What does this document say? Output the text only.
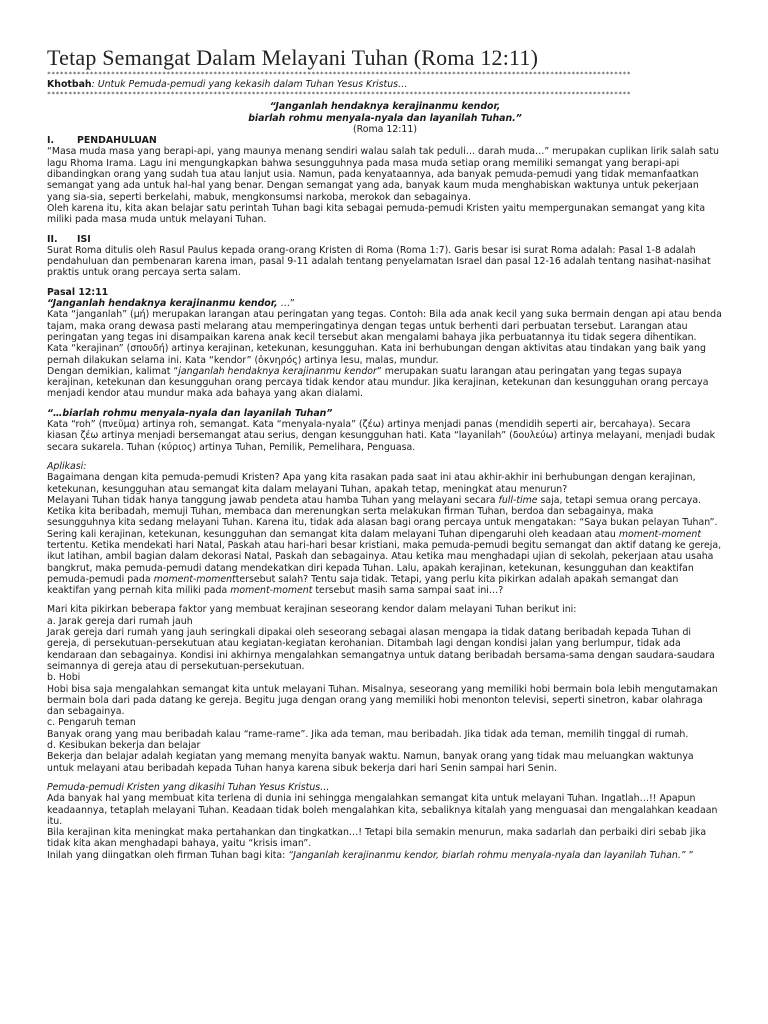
Tetap Semangat Dalam Melayani Tuhan (Roma 12:11)
*****************************************************************************************************************************************

Khotbah: Untuk Pemuda-pemudi yang kekasih dalam Tuhan Yesus Kristus…

*****************************************************************************************************************************************
“Janganlah hendaknya kerajinanmu kendor,
biarlah rohmu menyala-nyala dan layanilah Tuhan.”
(Roma 12:11)
I. PENDAHULUAN

“Masa muda masa yang berapi-api, yang maunya menang sendiri walau salah tak peduli… darah muda…” merupakan cuplikan lirik salah satu lagu Rhoma Irama. Lagu ini mengungkapkan bahwa sesungguhnya pada masa muda setiap orang memiliki semangat yang berapi-api dibandingkan orang yang sudah tua atau lanjut usia. Namun, pada kenyataannya, ada banyak pemuda-pemudi yang tidak memanfaatkan semangat yang ada untuk hal-hal yang benar. Dengan semangat yang ada, banyak kaum muda menghabiskan waktunya untuk pekerjaan yang sia-sia, seperti berkelahi, mabuk, mengkonsumsi narkoba, merokok dan sebagainya.

Oleh karena itu, kita akan belajar satu perintah Tuhan bagi kita sebagai pemuda-pemudi Kristen yaitu mempergunakan semangat yang kita miliki pada masa muda untuk melayani Tuhan.

II. ISI

Surat Roma ditulis oleh Rasul Paulus kepada orang-orang Kristen di Roma (Roma 1:7). Garis besar isi surat Roma adalah: Pasal 1-8 adalah pendahuluan dan pembenaran karena iman, pasal 9-11 adalah tentang penyelamatan Israel dan pasal 12-16 adalah tentang nasihat-nasihat praktis untuk orang percaya serta salam.

Pasal 12:11
“Janganlah hendaknya kerajinanmu kendor, …”

Kata “janganlah” (μή) merupakan larangan atau peringatan yang tegas. Contoh: Bila ada anak kecil yang suka bermain dengan api atau benda tajam, maka orang dewasa pasti melarang atau memperingatinya dengan tegas untuk berhenti dari perbuatan tersebut. Larangan atau peringatan yang tegas ini disampaikan karena anak kecil tersebut akan mengalami bahaya jika perbuatannya itu tidak segera dihentikan.

Kata “kerajinan” (σπουδή) artinya kerajinan, ketekunan, kesungguhan. Kata ini berhubungan dengan aktivitas atau tindakan yang baik yang pernah dilakukan selama ini. Kata “kendor” (ὀκνηρός) artinya lesu, malas, mundur.

Dengan demikian, kalimat “janganlah hendaknya kerajinanmu kendor” merupakan suatu larangan atau peringatan yang tegas supaya kerajinan, ketekunan dan kesungguhan orang percaya tidak kendor atau mundur. Jika kerajinan, ketekunan dan kesungguhan orang percaya menjadi kendor atau mundur maka ada bahaya yang akan dialami.

“…biarlah rohmu menyala-nyala dan layanilah Tuhan”

Kata “roh” (πνεῦμα) artinya roh, semangat. Kata “menyala-nyala” (ζέω) artinya menjadi panas (mendidih seperti air, bercahaya). Secara kiasan ζέω artinya menjadi bersemangat atau serius, dengan kesungguhan hati. Kata “layanilah” (δουλεύω) artinya melayani, menjadi budak secara sukarela. Tuhan (κύριος) artinya Tuhan, Pemilik, Pemelihara, Penguasa.

Aplikasi:

Bagaimana dengan kita pemuda-pemudi Kristen? Apa yang kita rasakan pada saat ini atau akhir-akhir ini berhubungan dengan kerajinan, ketekunan, kesungguhan atau semangat kita dalam melayani Tuhan, apakah tetap, meningkat atau menurun?

Melayani Tuhan tidak hanya tanggung jawab pendeta atau hamba Tuhan yang melayani secara full-time saja, tetapi semua orang percaya. Ketika kita beribadah, memuji Tuhan, membaca dan merenungkan serta melakukan firman Tuhan, berdoa dan sebagainya, maka sesungguhnya kita sedang melayani Tuhan. Karena itu, tidak ada alasan bagi orang percaya untuk mengatakan: “Saya bukan pelayan Tuhan”.

Sering kali kerajinan, ketekunan, kesungguhan dan semangat kita dalam melayani Tuhan dipengaruhi oleh keadaan atau moment-moment tertentu. Ketika mendekati hari Natal, Paskah atau hari-hari besar kristiani, maka pemuda-pemudi begitu semangat dan aktif datang ke gereja, ikut latihan, ambil bagian dalam dekorasi Natal, Paskah dan sebagainya. Atau ketika mau menghadapi ujian di sekolah, pekerjaan atau usaha bangkrut, maka pemuda-pemudi datang mendekatkan diri kepada Tuhan. Lalu, apakah kerajinan, ketekunan, kesungguhan dan keaktifan pemuda-pemudi pada moment-momenttersebut salah? Tentu saja tidak. Tetapi, yang perlu kita pikirkan adalah apakah semangat dan keaktifan yang pernah kita miliki pada moment-moment tersebut masih sama sampai saat ini…?

Mari kita pikirkan beberapa faktor yang membuat kerajinan seseorang kendor dalam melayani Tuhan berikut ini:

a. Jarak gereja dari rumah jauh

Jarak gereja dari rumah yang jauh seringkali dipakai oleh seseorang sebagai alasan mengapa ia tidak datang beribadah kepada Tuhan di gereja, di persekutuan-persekutuan atau kegiatan-kegiatan kerohanian. Ditambah lagi dengan kondisi jalan yang berlumpur, tidak ada kendaraan dan sebagainya. Kondisi ini akhirnya mengalahkan semangatnya untuk datang beribadah bersama-sama dengan saudara-saudara seimannya di gereja atau di persekutuan-persekutuan.

b. Hobi

Hobi bisa saja mengalahkan semangat kita untuk melayani Tuhan. Misalnya, seseorang yang memiliki hobi bermain bola lebih mengutamakan bermain bola dari pada datang ke gereja. Begitu juga dengan orang yang memiliki hobi menonton televisi, seperti sinetron, kabar olahraga dan sebagainya.

c. Pengaruh teman

Banyak orang yang mau beribadah kalau “rame-rame”. Jika ada teman, mau beribadah. Jika tidak ada teman, memilih tinggal di rumah.

d. Kesibukan bekerja dan belajar

Bekerja dan belajar adalah kegiatan yang memang menyita banyak waktu. Namun, banyak orang yang tidak mau meluangkan waktunya untuk melayani atau beribadah kepada Tuhan hanya karena sibuk bekerja dari hari Senin sampai hari Senin.

Pemuda-pemudi Kristen yang dikasihi Tuhan Yesus Kristus…

Ada banyak hal yang membuat kita terlena di dunia ini sehingga mengalahkan semangat kita untuk melayani Tuhan. Ingatlah…!! Apapun keadaannya, tetaplah melayani Tuhan. Keadaan tidak boleh mengalahkan kita, sebaliknya kitalah yang menguasai dan mengalahkan keadaan itu.

Bila kerajinan kita meningkat maka pertahankan dan tingkatkan…! Tetapi bila semakin menurun, maka sadarlah dan perbaiki diri sebab jika tidak kita akan menghadapi bahaya, yaitu “krisis iman”.

Inilah yang diingatkan oleh firman Tuhan bagi kita: “Janganlah kerajinanmu kendor, biarlah rohmu menyala-nyala dan layanilah Tuhan.” ”
